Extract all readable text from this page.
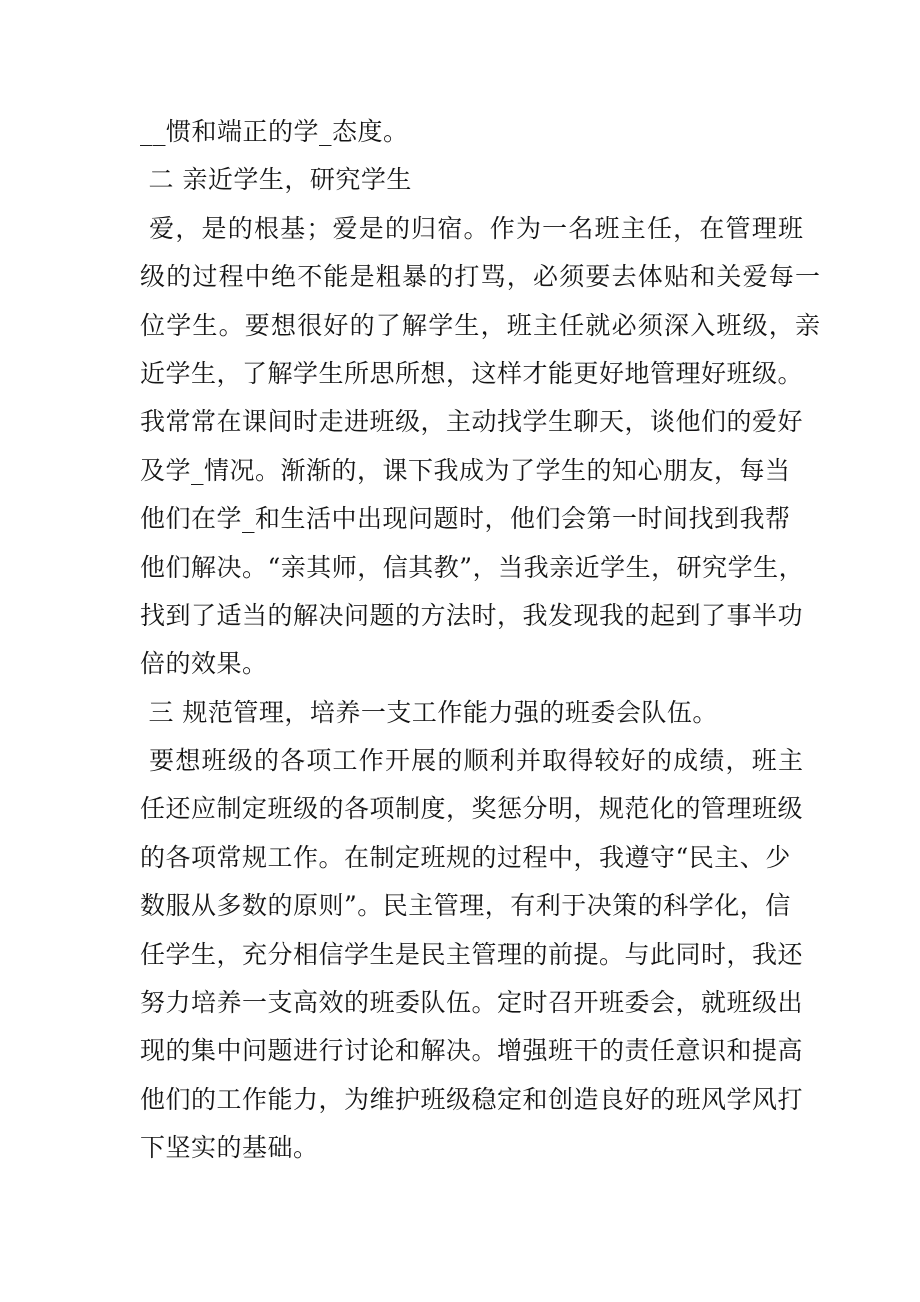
__惯和端正的学_态度。
二 亲近学生，研究学生
爱，是的根基；爱是的归宿。作为一名班主任，在管理班
级的过程中绝不能是粗暴的打骂，必须要去体贴和关爱每一
位学生。要想很好的了解学生，班主任就必须深入班级，亲
近学生，了解学生所思所想，这样才能更好地管理好班级。
我常常在课间时走进班级，主动找学生聊天，谈他们的爱好
及学_情况。渐渐的，课下我成为了学生的知心朋友，每当
他们在学_和生活中出现问题时，他们会第一时间找到我帮
他们解决。“亲其师，信其教”，当我亲近学生，研究学生，
找到了适当的解决问题的方法时，我发现我的起到了事半功
倍的效果。
三 规范管理，培养一支工作能力强的班委会队伍。
要想班级的各项工作开展的顺利并取得较好的成绩，班主
任还应制定班级的各项制度，奖惩分明，规范化的管理班级
的各项常规工作。在制定班规的过程中，我遵守“民主、少
数服从多数的原则”。民主管理，有利于决策的科学化，信
任学生，充分相信学生是民主管理的前提。与此同时，我还
努力培养一支高效的班委队伍。定时召开班委会，就班级出
现的集中问题进行讨论和解决。增强班干的责任意识和提高
他们的工作能力，为维护班级稳定和创造良好的班风学风打
下坚实的基础。
